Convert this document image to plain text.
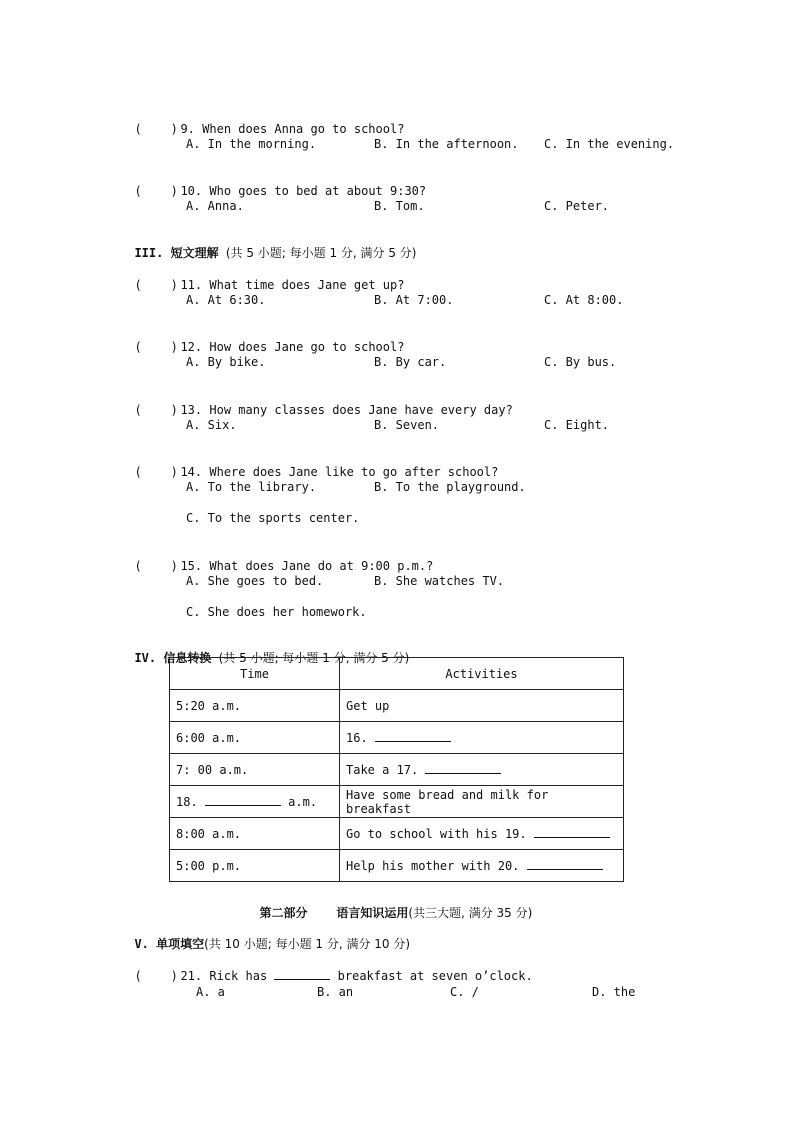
(    ) 9. When does Anna go to school?

A. In the morning.	B. In the afternoon. C. In the evening.

(    ) 10. Who goes to bed at about 9:30?

A. Anna.	B. Tom.	C. Peter.

III. 短文理解 (共 5 小题; 每小题 1 分, 满分 5 分)

(    ) 11. What time does Jane get up?

A. At 6:30.	B. At 7:00.	C. At 8:00.

(    ) 12. How does Jane go to school?

A. By bike.	B. By car.	C. By bus.

(    ) 13. How many classes does Jane have every day?

A. Six.	B. Seven.	C. Eight.

(    ) 14. Where does Jane like to go after school?

A. To the library.	B. To the playground.
C. To the sports center.

(    ) 15. What does Jane do at 9:00 p.m.?

A. She goes to bed.	B. She watches TV.
C. She does her homework.

IV. 信息转换 (共 5 小题; 每小题 1 分, 满分 5 分)

Time	Activities
5:20 a.m.	Get up
6:00 a.m.	16.
7: 00 a.m.	Take a 17.
18. a.m.	Have some bread and milk for breakfast
8:00 a.m.	Go to school with his 19.
5:00 p.m.	Help his mother with 20.

第二部分 语言知识运用(共三大题, 满分 35 分)

V. 单项填空(共 10 小题; 每小题 1 分, 满分 10 分)

(    ) 21. Rick has	breakfast at seven o’clock.

A. a	B. an	C. /	D. the
